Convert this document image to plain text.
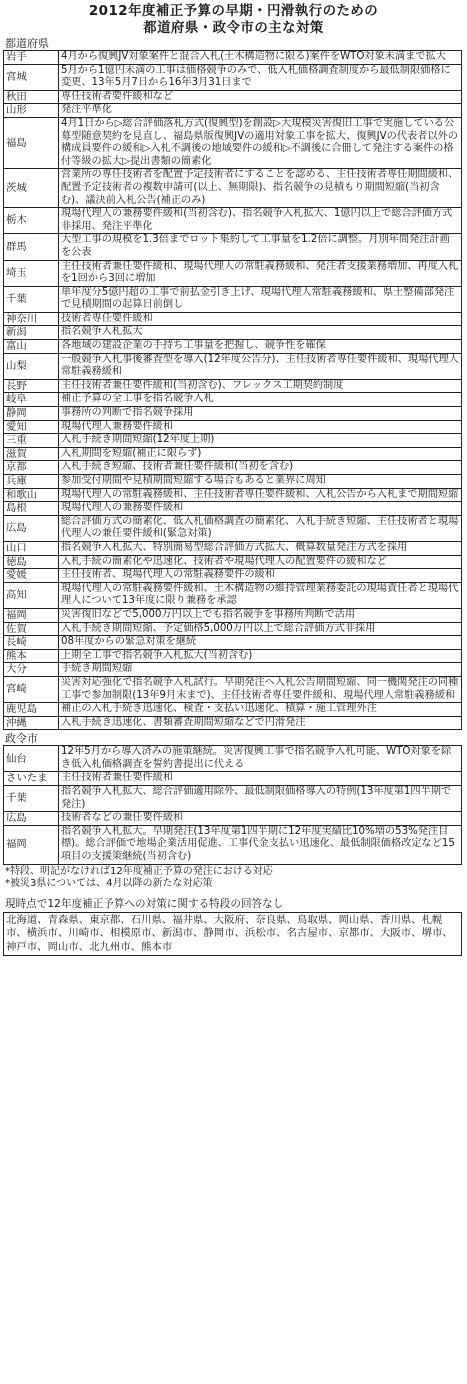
2012年度補正予算の早期・円滑執行のための
都道府県・政令市の主な対策
都道府県
岩手	4月から復興JV対象案件と混合入札(土木構造物に限る)案件をWTO対象未満まで拡大
宮城	5月から1億円未満の工事は価格競争のみで、低入札価格調査制度から最低制限価格に変更、13年5月7日から16年3月31日まで
秋田	専任技術者要件緩和など
山形	発注平準化
福島	4月1日から▷総合評価落札方式(復興型)を創設▷大規模災害復旧工事で実施している公募型随意契約を見直し、福島県版復興JVの適用対象工事を拡大、復興JVの代表者以外の構成員要件の緩和▷入札不調後の地域要件の緩和▷不調後に合冊して発注する案件の格付等級の拡大▷提出書類の簡素化
茨城	営業所の専任技術者を配置予定技術者にすることを認める、主任技術者専任期間緩和、配置予定技術者の複数申請可(以上、無期限)、指名競争の見積もり期間短縮(当初含む)、議決前入札公告(補正のみ)
栃木	現場代理人の兼務要件緩和(当初含む)、指名競争入札拡大、1億円以上で総合評価方式非採用、発注平準化
群馬	大型工事の規模を1.3倍までロット集約して工事量を1.2倍に調整。月別年間発注計画を公表
埼玉	主任技術者兼任要件緩和、現場代理人の常駐義務緩和、発注者支援業務増加、再度入札を1回から3回に増加
千葉	単年度分5億円超の工事で前払金引き上げ、現場代理人常駐義務緩和、県土整備部発注で見積期間の起算日前倒し
神奈川	技術者専任要件緩和
新潟	指名競争入札拡大
富山	各地域の建設企業の手持ち工事量を把握し、競争性を確保
山梨	一般競争入札事後審査型を導入(12年度公告分)、主任技術者専任要件緩和、現場代理人常駐義務緩和
長野	主任技術者兼任要件緩和(当初含む)、フレックス工期契約制度
岐阜	補正予算の全工事を指名競争入札
静岡	事務所の判断で指名競争採用
愛知	現場代理人兼務要件緩和
三重	入札手続き期間短縮(12年度上期)
滋賀	入札期間を短縮(補正に限らず)
京都	入札手続き短縮、技術者兼任要件緩和(当初を含む)
兵庫	参加受付期間や見積期間短縮する場合もあると業界に周知
和歌山	現場代理人の常駐義務緩和、主任技術者専任要件緩和、入札公告から入札まで期間短縮
島根	現場代理人の兼務要件緩和
広島	総合評価方式の簡素化、低入札価格調査の簡素化、入札手続き短縮、主任技術者と現場代理人の兼任要件緩和(緊急対策)
山口	指名競争入札拡大、特別簡易型総合評価方式拡大、概算数量発注方式を採用
徳島	入札手続の簡素化や迅速化、技術者や現場代理人の配置要件の緩和など
愛媛	主任技術者、現場代理人の常駐義務要件の緩和
高知	現場代理人の常駐義務要件緩和、土木構造物の維持管理業務委託の現場責任者と現場代理人について13年度に限り兼務を承認
福岡	災害復旧などで5,000万円以上でも指名競争を事務所判断で活用
佐賀	入札手続き期間短縮、予定価格5,000万円以上で総合評価方式非採用
長崎	08年度からの緊急対策を継続
熊本	上期全工事で指名競争入札拡大(当初含む)
大分	手続き期間短縮
宮崎	災害対応強化で指名競争入札試行。早期発注へ入札公告期間短縮、同一機関発注の同種工事で参加制限(13年9月末まで)、主任技術者専任要件緩和、現場代理人常駐義務緩和
鹿児島	補正の入札手続き迅速化、検査・支払い迅速化、積算・施工管理外注
沖縄	入札手続き迅速化、書類審査期間短縮などで円滑発注
政令市
仙台	12年5月から導入済みの施策継続。災害復興工事で指名競争入札可能、WTO対象を除き低入札価格調査を誓約書提出に代える
さいたま	主任技術者兼任要件緩和
千葉	指名競争入札拡大、総合評価適用除外、最低制限価格導入の特例(13年度第1四半期で発注)
広島	技術者などの兼任要件緩和
福岡	指名競争入札拡大。早期発注(13年度第1四半期に12年度実績比10%増の53%発注目標)。総合評価で地場企業活用促進、工事代金支払い迅速化、最低制限価格改定など15項目の支援策継続(当初含む)
*特段、明記がなければ12年度補正予算の発注における対応
*被災3県については、4月以降の新たな対応策
現時点で12年度補正予算への対策に関する特段の回答なし
北海道、青森県、東京都、石川県、福井県、大阪府、奈良県、鳥取県、岡山県、香川県、札幌市、横浜市、川崎市、相模原市、新潟市、静岡市、浜松市、名古屋市、京都市、大阪市、堺市、神戸市、岡山市、北九州市、熊本市
